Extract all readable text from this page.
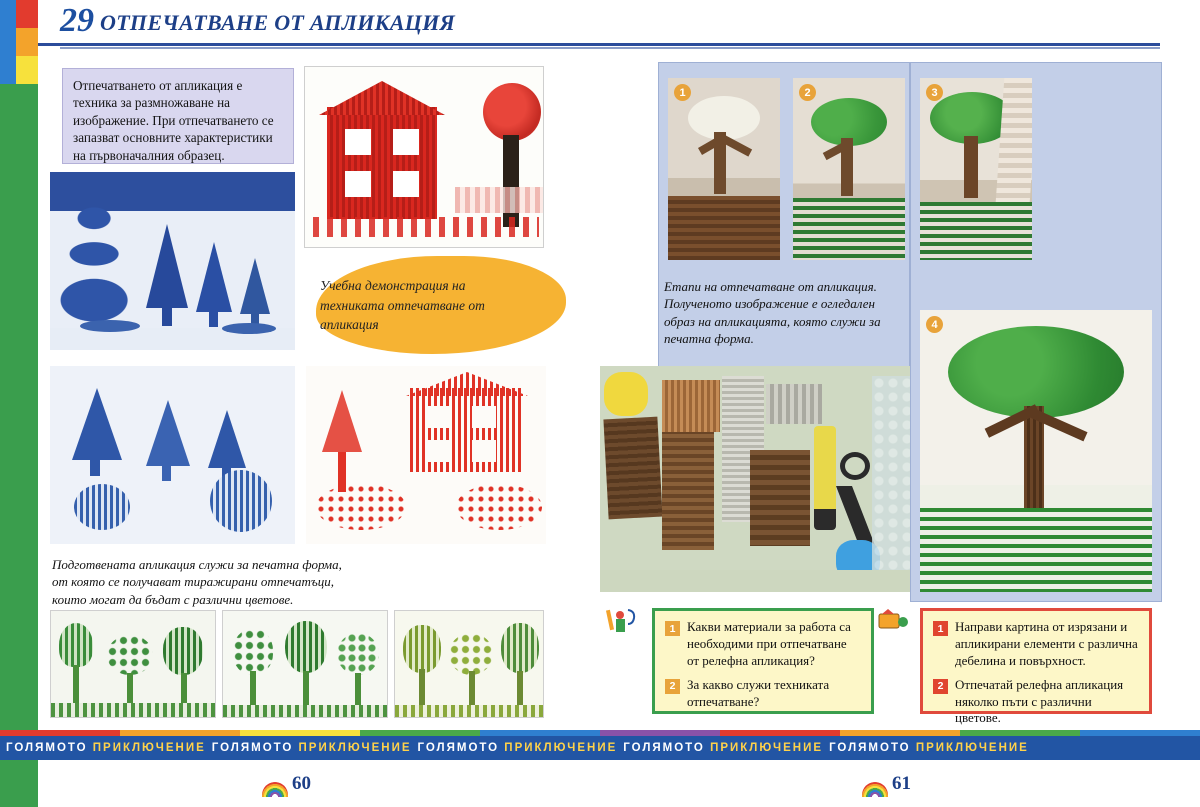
29 ОТПЕЧАТВАНЕ ОТ АПЛИКАЦИЯ
Отпечатването от апликация е техника за размножаване на изображение. При отпечатването се запазват основните характеристики на първоначалния образец.
Учебна демонстрация на техниката отпечатване от апликация
Подготвената апликация служи за печатна форма, от която се получават тиражирани отпечатъци, които могат да бъдат с различни цветове.
1	2	3
Етапи на отпечатване от апликация. Полученото изображение е огледален образ на апликацията, която служи за печатна форма.
4
1 Какви материали за работа са необходими при отпечатване от релефна апликация?
2 За какво служи техниката отпечатване?
1 Направи картина от изрязани и апликирани елементи с различна дебелина и повърхност.
2 Отпечатай релефна апликация няколко пъти с различни цветове.
ГОЛЯМОТО ПРИКЛЮЧЕНИЕ ГОЛЯМОТО ПРИКЛЮЧЕНИЕ ГОЛЯМОТО ПРИКЛЮЧЕНИЕ ГОЛЯМОТО ПРИКЛЮЧЕНИЕ ГОЛЯМОТО ПРИКЛЮЧЕНИЕ
60	61
